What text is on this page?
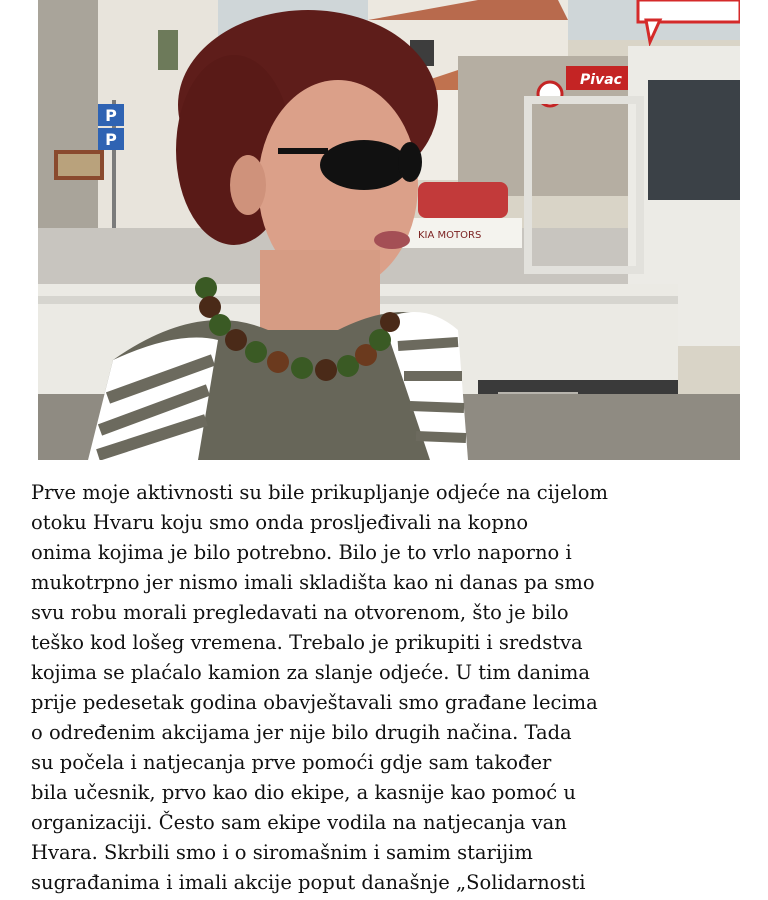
P
P
Pivac
KIA MOTORS
Prve moje aktivnosti su bile prikupljanje odjeće na cijelom
otoku Hvaru koju smo onda prosljeđivali na kopno
onima kojima je bilo potrebno. Bilo je to vrlo naporno i
mukotrpno jer nismo imali skladišta kao ni danas pa smo
svu robu morali pregledavati na otvorenom, što je bilo
teško kod lošeg vremena. Trebalo je prikupiti i sredstva
kojima se plaćalo kamion za slanje odjeće. U tim danima
prije pedesetak godina obavještavali smo građane lecima
o određenim akcijama jer nije bilo drugih načina. Tada
su počela i natjecanja prve pomoći gdje sam također
bila učesnik, prvo kao dio ekipe, a kasnije kao pomoć u
organizaciji. Često sam ekipe vodila na natjecanja van
Hvara. Skrbili smo i o siromašnim i samim starijim
sugrađanima i imali akcije poput današnje „Solidarnosti
